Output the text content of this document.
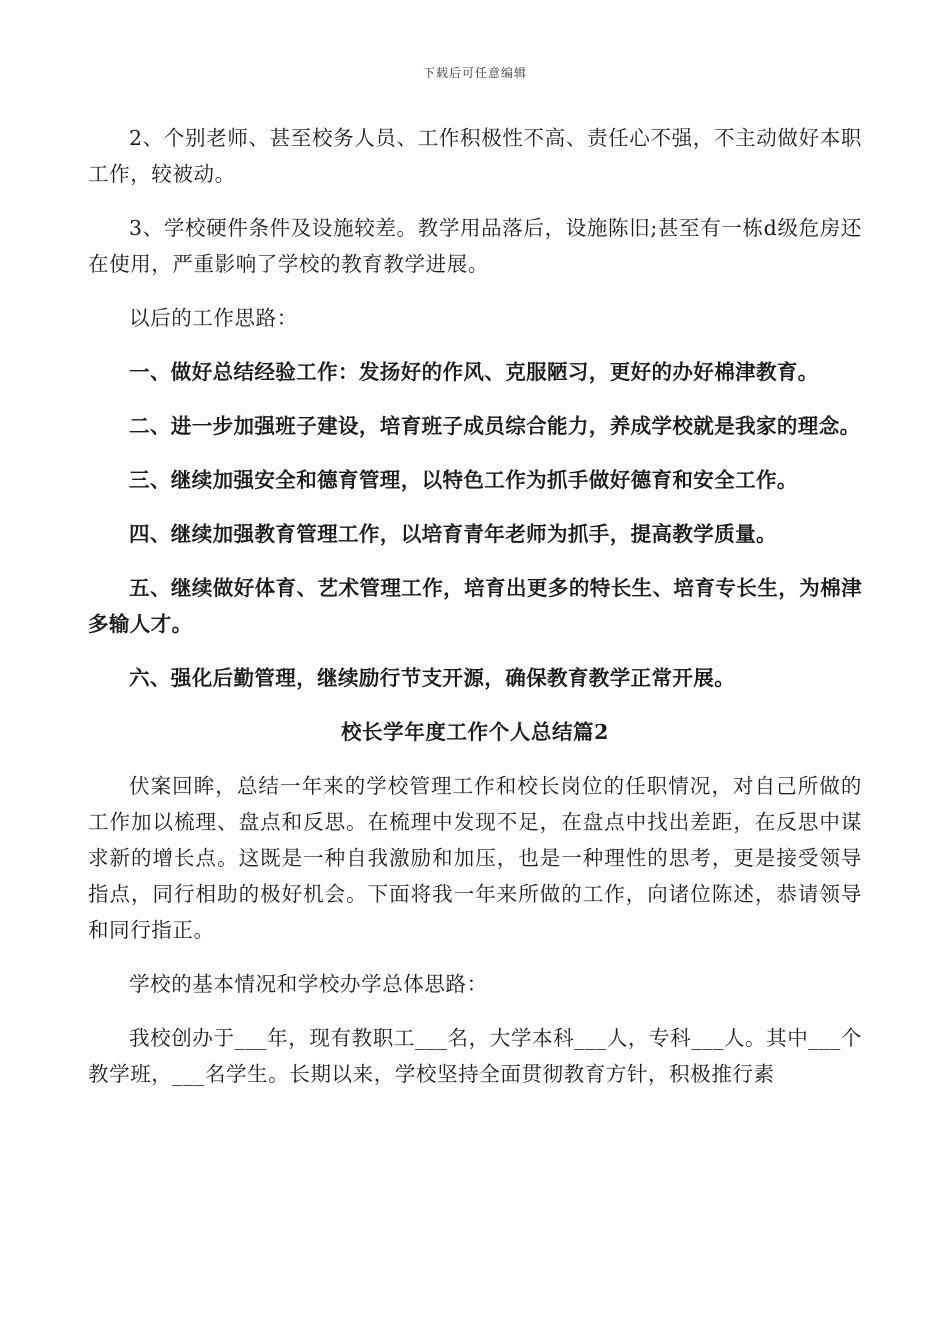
下载后可任意编辑

2、个别老师、甚至校务人员、工作积极性不高、责任心不强，不主动做好本职工作，较被动。

3、学校硬件条件及设施较差。教学用品落后，设施陈旧;甚至有一栋d级危房还在使用，严重影响了学校的教育教学进展。

以后的工作思路：

一、做好总结经验工作：发扬好的作风、克服陋习，更好的办好棉津教育。

二、进一步加强班子建设，培育班子成员综合能力，养成学校就是我家的理念。

三、继续加强安全和德育管理，以特色工作为抓手做好德育和安全工作。

四、继续加强教育管理工作，以培育青年老师为抓手，提高教学质量。

五、继续做好体育、艺术管理工作，培育出更多的特长生、培育专长生，为棉津多输人才。

六、强化后勤管理，继续励行节支开源，确保教育教学正常开展。

校长学年度工作个人总结篇2

伏案回眸，总结一年来的学校管理工作和校长岗位的任职情况，对自己所做的工作加以梳理、盘点和反思。在梳理中发现不足，在盘点中找出差距，在反思中谋求新的增长点。这既是一种自我激励和加压，也是一种理性的思考，更是接受领导指点，同行相助的极好机会。下面将我一年来所做的工作，向诸位陈述，恭请领导和同行指正。

学校的基本情况和学校办学总体思路：

我校创办于___年，现有教职工___名，大学本科___人，专科___人。其中___个教学班，___名学生。长期以来，学校坚持全面贯彻教育方针，积极推行素
